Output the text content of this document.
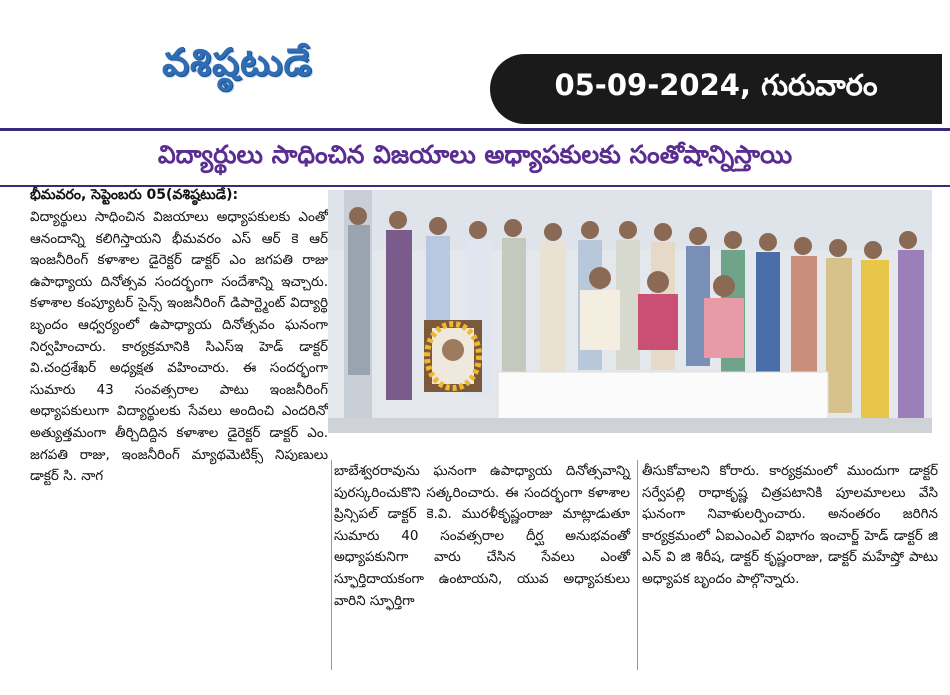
వశిష్ఠటుడే
05-09-2024, గురువారం
విద్యార్థులు సాధించిన విజయాలు అధ్యాపకులకు సంతోషాన్నిస్తాయి
భీమవరం, సెప్టెంబరు 05(వశిష్ఠటుడే):

విద్యార్థులు సాధించిన విజయాలు అధ్యాపకులకు ఎంతో ఆనందాన్ని కలిగిస్తాయని భీమవరం ఎస్ ఆర్ కె ఆర్ ఇంజనీరింగ్ కళాశాల డైరెక్టర్ డాక్టర్ ఎం జగపతి రాజు ఉపాధ్యాయ దినోత్సవ సందర్భంగా సందేశాన్ని ఇచ్చారు. కళాశాల కంప్యూటర్ సైన్స్ ఇంజనీరింగ్ డిపార్ట్మెంట్ విద్యార్థి బృందం ఆధ్వర్యంలో ఉపాధ్యాయ దినోత్సవం ఘనంగా నిర్వహించారు. కార్యక్రమానికి సిఎస్ఇ హెడ్ డాక్టర్ వి.చంద్రశేఖర్ అధ్యక్షత వహించారు. ఈ సందర్భంగా సుమారు 43 సంవత్సరాల పాటు ఇంజనీరింగ్ అధ్యాపకులుగా విద్యార్థులకు సేవలు అందించి ఎందరినో అత్యుత్తమంగా తీర్చిదిద్దిన కళాశాల డైరెక్టర్ డాక్టర్ ఎం. జగపతి రాజు, ఇంజనీరింగ్ మ్యాథమెటిక్స్ నిపుణులు డాక్టర్ సి. నాగ	బాబేశ్వరరావును ఘనంగా ఉపాధ్యాయ దినోత్సవాన్ని పురస్కరించుకొని సత్కరించారు. ఈ సందర్భంగా కళాశాల ప్రిన్సిపల్ డాక్టర్ కె.వి. మురళీకృష్ణంరాజు మాట్లాడుతూ సుమారు 40 సంవత్సరాల దీర్ఘ అనుభవంతో అధ్యాపకునిగా వారు చేసిన సేవలు ఎంతో స్ఫూర్తిదాయకంగా ఉంటాయని, యువ అధ్యాపకులు వారిని స్ఫూర్తిగా

తీసుకోవాలని కోరారు. కార్యక్రమంలో ముందుగా డాక్టర్ సర్వేపల్లి రాధాకృష్ణ చిత్రపటానికి పూలమాలలు వేసి ఘనంగా నివాళులర్పించారు. అనంతరం జరిగిన కార్యక్రమంలో ఏఐఎంఎల్ విభాగం ఇంచార్జ్ హెడ్ డాక్టర్ జి ఎన్ వి జి శిరీష, డాక్టర్ కృష్ణంరాజు, డాక్టర్ మహేష్తో పాటు అధ్యాపక బృందం పాల్గొన్నారు.
